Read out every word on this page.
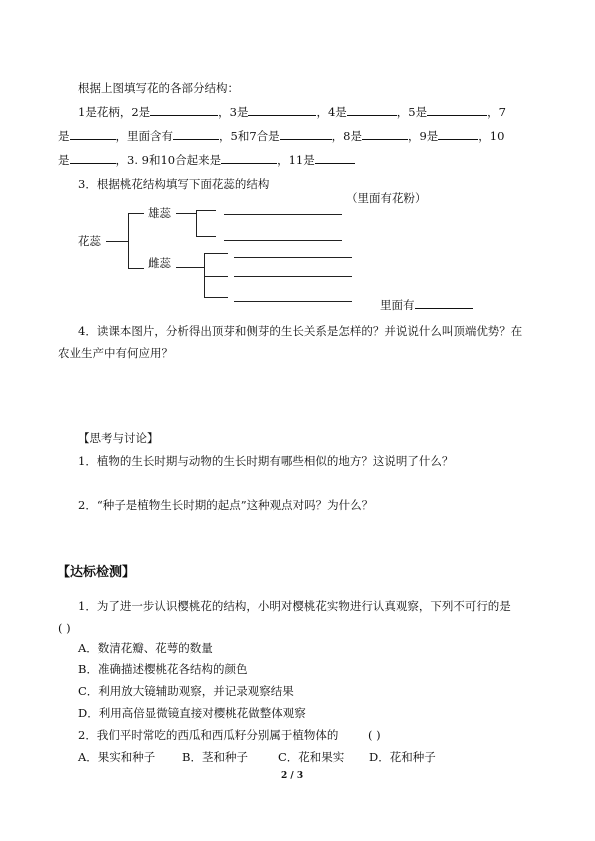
根据上图填写花的各部分结构：
1是花柄，2是	，3是	，4是	，5是	，7
是	，里面含有	，5和7合是	，8是	，9是	，10
是	，3. 9和10合起来是	，11是
3．根据桃花结构填写下面花蕊的结构
（里面有花粉）
花蕊
雄蕊
雌蕊
里面有
4．读课本图片，分析得出顶芽和侧芽的生长关系是怎样的？并说说什么叫顶端优势？在
农业生产中有何应用？
【思考与讨论】
1．植物的生长时期与动物的生长时期有哪些相似的地方？这说明了什么？
2．“种子是植物生长时期的起点”这种观点对吗？为什么？
【达标检测】
1．为了进一步认识樱桃花的结构，小明对樱桃花实物进行认真观察，下列不可行的是
( )
A．数清花瓣、花萼的数量
B．准确描述樱桃花各结构的颜色
C．利用放大镜辅助观察，并记录观察结果
D．利用高倍显微镜直接对樱桃花做整体观察
2．我们平时常吃的西瓜和西瓜籽分别属于植物体的	( )
A．果实和种子 B．茎和种子	C．花和果实 D．花和种子
2 / 3
